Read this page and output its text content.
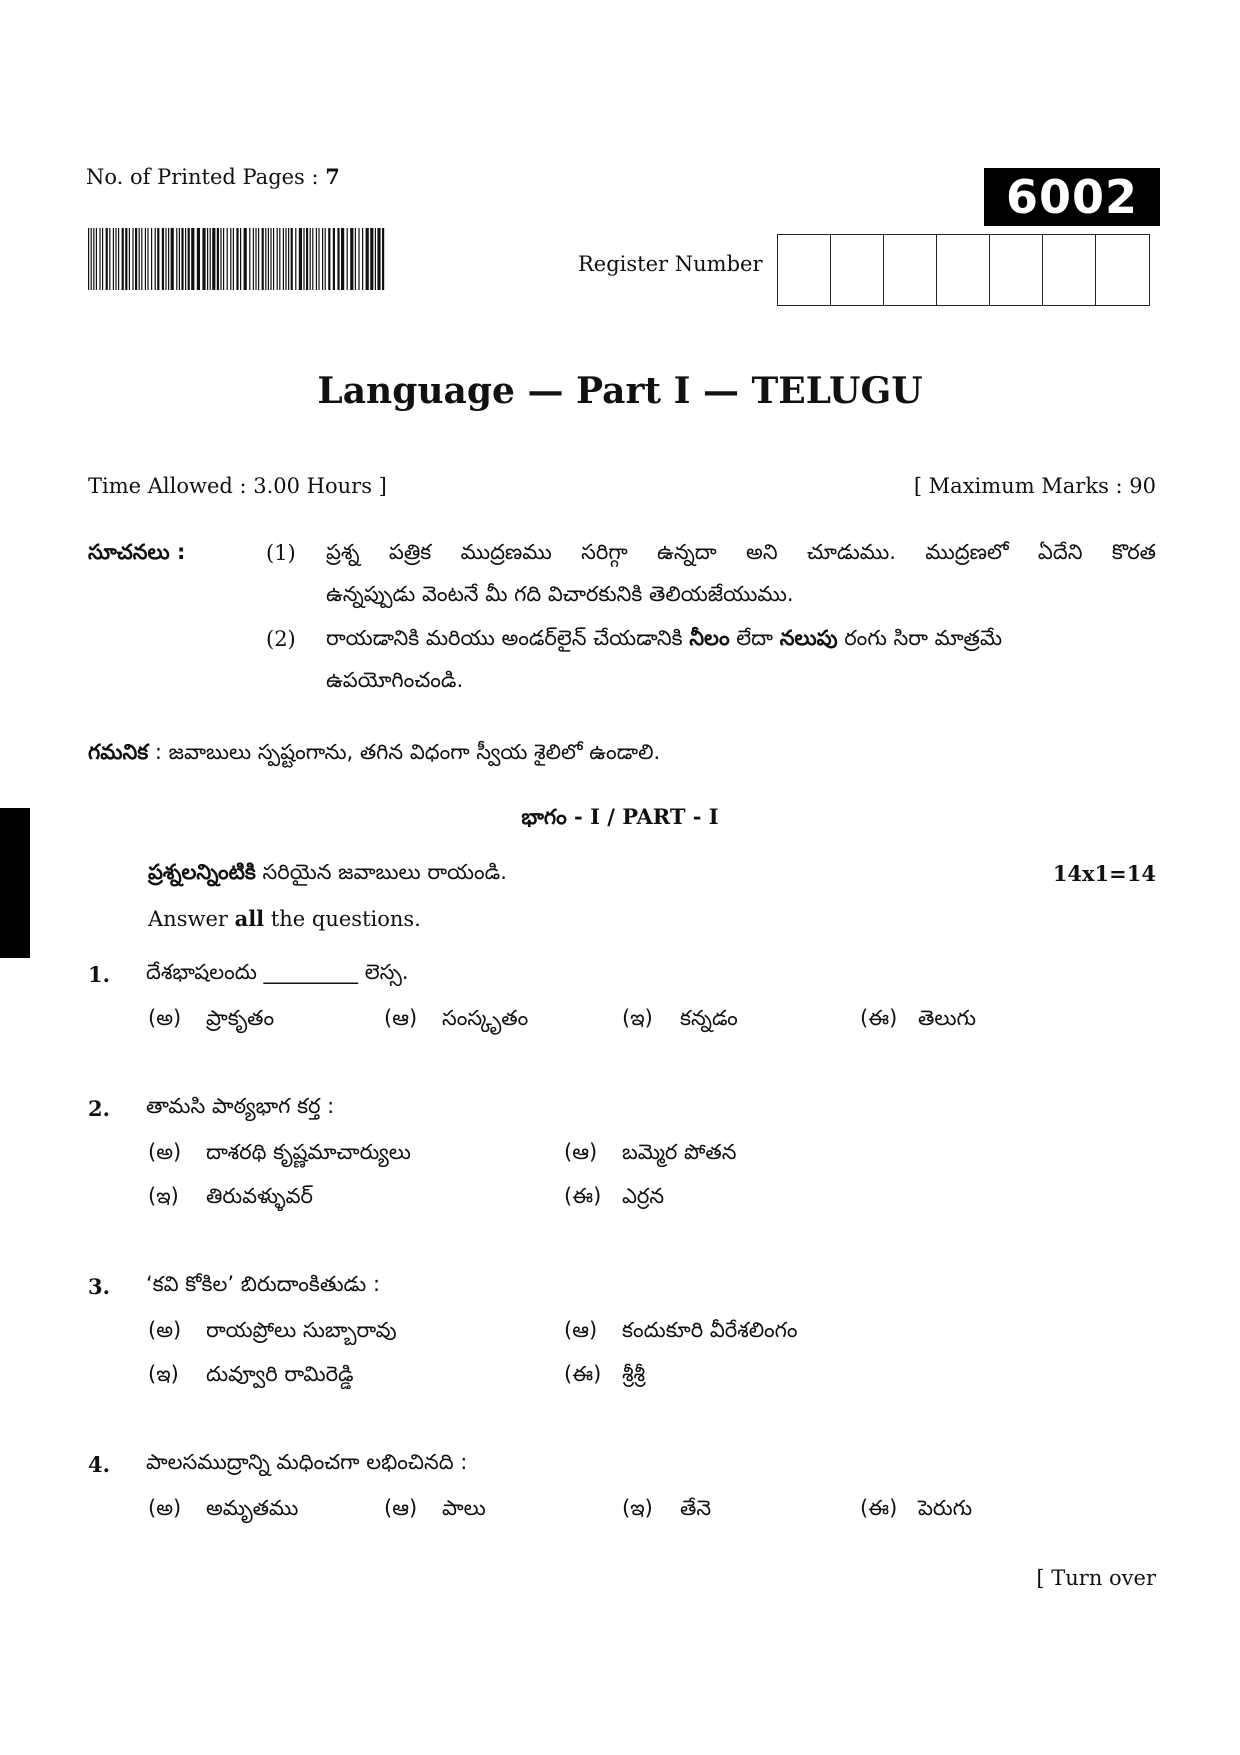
No. of Printed Pages : 7	6002
Register Number
Language — Part I — TELUGU
Time Allowed : 3.00 Hours ]	[ Maximum Marks : 90
సూచనలు :	(1) ప్రశ్న పత్రిక ముద్రణము సరిగ్గా ఉన్నదా అని చూడుము. ముద్రణలో ఏదేని కొరత
ఉన్నప్పుడు వెంటనే మీ గది విచారకునికి తెలియజేయుము.
(2) రాయడానికి మరియు అండర్‌లైన్ చేయడానికి నీలం లేదా నలుపు రంగు సిరా మాత్రమే
ఉపయోగించండి.
గమనిక : జవాబులు స్పష్టంగాను, తగిన విధంగా స్వీయ శైలిలో ఉండాలి.
భాగం - I / PART - I
ప్రశ్నలన్నింటికి సరియైన జవాబులు రాయండి.	14x1=14
Answer all the questions.
1. దేశభాషలందు _________ లెస్స.
(అ) ప్రాకృతం	(ఆ) సంస్కృతం	(ఇ) కన్నడం	(ఈ) తెలుగు
2. తామసి పాఠ్యభాగ కర్త :
(అ) దాశరథి కృష్ణమాచార్యులు	(ఆ) బమ్మెర పోతన
(ఇ) తిరువళ్ళువర్	(ఈ) ఎర్రన
3. ‘కవి కోకిల’ బిరుదాంకితుడు :
(అ) రాయప్రోలు సుబ్బారావు	(ఆ) కందుకూరి వీరేశలింగం
(ఇ) దువ్వూరి రామిరెడ్డి	(ఈ) శ్రీశ్రీ
4. పాలసముద్రాన్ని మధించగా లభించినది :
(అ) అమృతము	(ఆ) పాలు	(ఇ) తేనె	(ఈ) పెరుగు
[ Turn over
